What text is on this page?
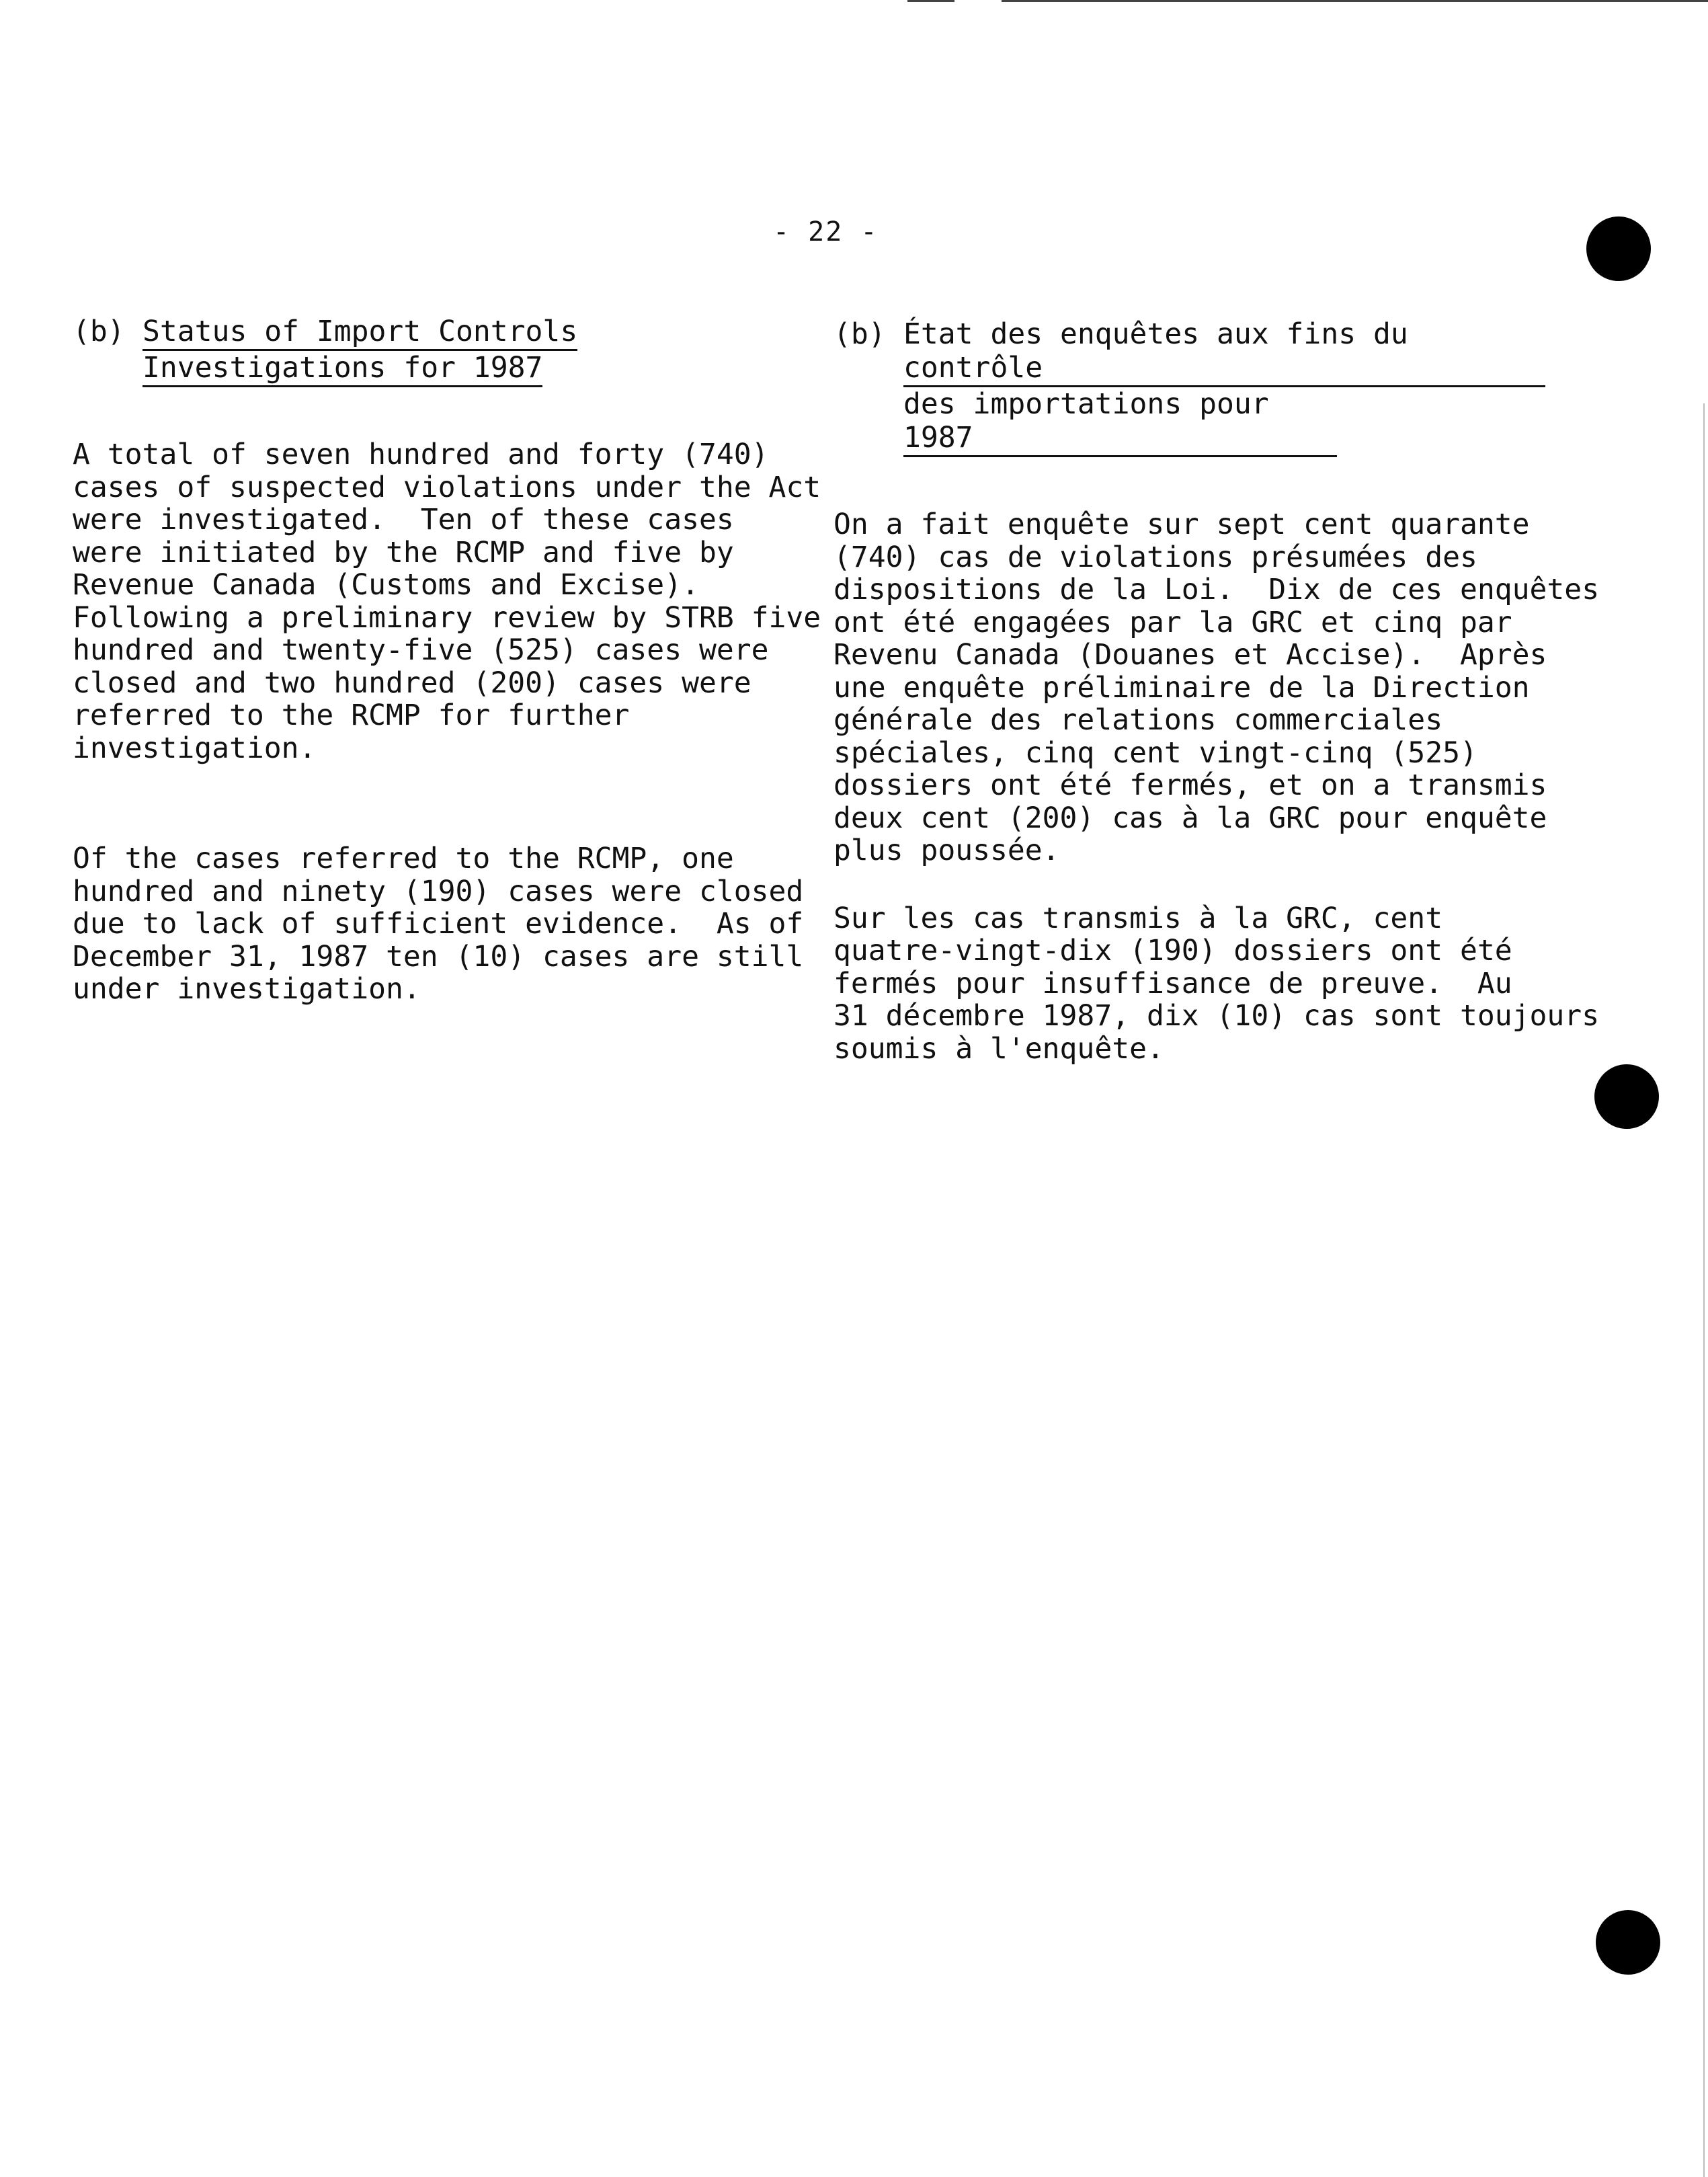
- 22 -
(b) Status of Import Controls
Investigations for 1987

A total of seven hundred and forty (740)
cases of suspected violations under the Act
were investigated.  Ten of these cases
were initiated by the RCMP and five by
Revenue Canada (Customs and Excise).
Following a preliminary review by STRB five
hundred and twenty-five (525) cases were
closed and two hundred (200) cases were
referred to the RCMP for further
investigation.

Of the cases referred to the RCMP, one
hundred and ninety (190) cases were closed
due to lack of sufficient evidence.  As of
December 31, 1987 ten (10) cases are still
under investigation.

(b) État des enquêtes aux fins du contrôle
des importations pour 1987

On a fait enquête sur sept cent quarante
(740) cas de violations présumées des
dispositions de la Loi.  Dix de ces enquêtes
ont été engagées par la GRC et cinq par
Revenu Canada (Douanes et Accise).  Après
une enquête préliminaire de la Direction
générale des relations commerciales
spéciales, cinq cent vingt-cinq (525)
dossiers ont été fermés, et on a transmis
deux cent (200) cas à la GRC pour enquête
plus poussée.

Sur les cas transmis à la GRC, cent
quatre-vingt-dix (190) dossiers ont été
fermés pour insuffisance de preuve.  Au
31 décembre 1987, dix (10) cas sont toujours
soumis à l'enquête.
